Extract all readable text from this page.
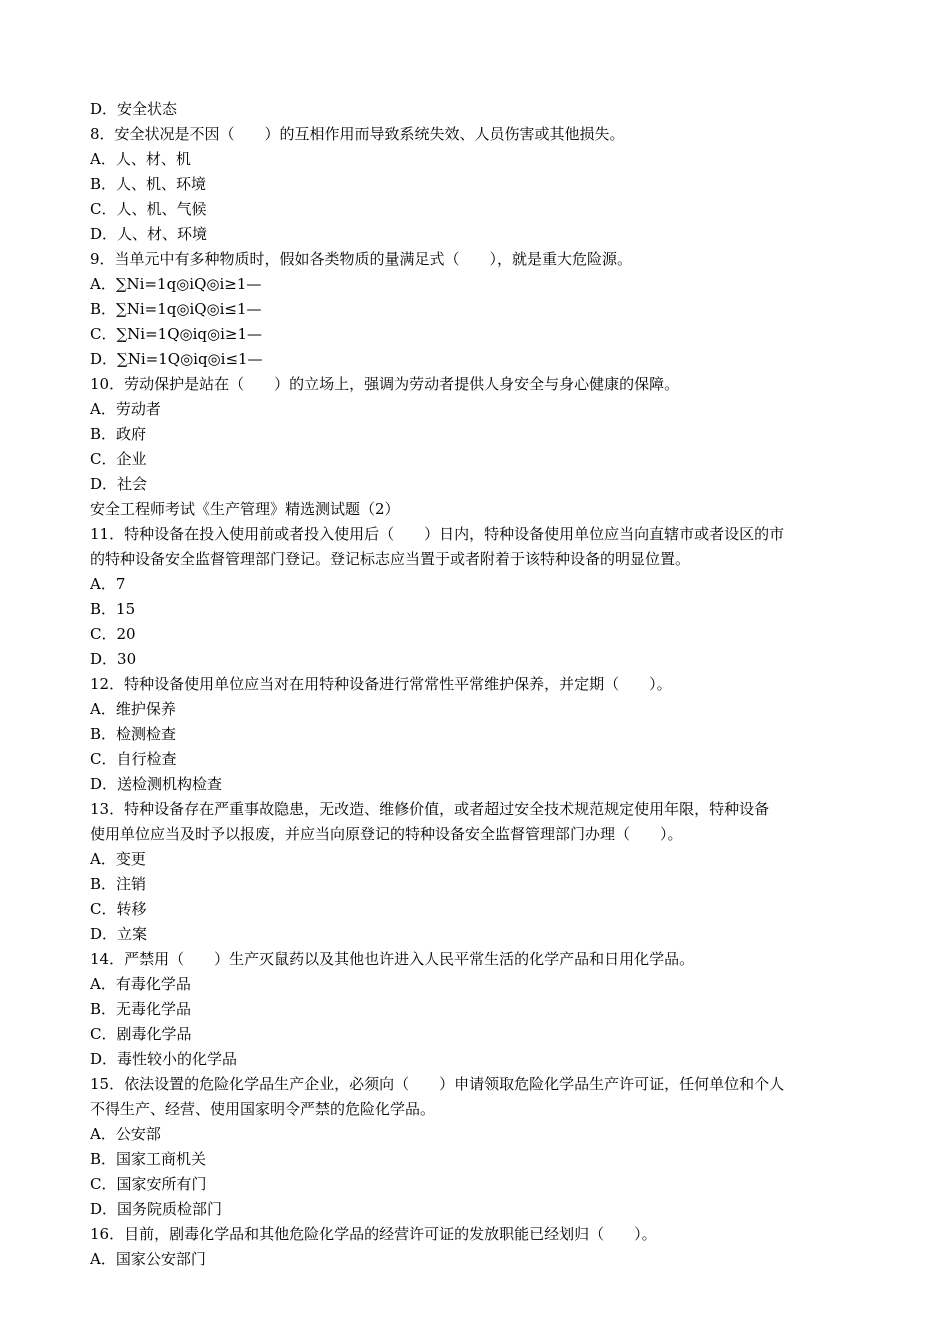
D．安全状态
8．安全状况是不因（　　）的互相作用而导致系统失效、人员伤害或其他损失。
A．人、材、机
B．人、机、环境
C．人、机、气候
D．人、材、环境
9．当单元中有多种物质时，假如各类物质的量满足式（　　），就是重大危险源。
A．∑Ni=1q◎iQ◎i≥1—
B．∑Ni=1q◎iQ◎i≤1—
C．∑Ni=1Q◎iq◎i≥1—
D．∑Ni=1Q◎iq◎i≤1—
10．劳动保护是站在（　　）的立场上，强调为劳动者提供人身安全与身心健康的保障。
A．劳动者
B．政府
C．企业
D．社会
安全工程师考试《生产管理》精选测试题（2）
11．特种设备在投入使用前或者投入使用后（　　）日内，特种设备使用单位应当向直辖市或者设区的市
的特种设备安全监督管理部门登记。登记标志应当置于或者附着于该特种设备的明显位置。
A．7
B．15
C．20
D．30
12．特种设备使用单位应当对在用特种设备进行常常性平常维护保养，并定期（　　）。
A．维护保养
B．检测检查
C．自行检查
D．送检测机构检查
13．特种设备存在严重事故隐患，无改造、维修价值，或者超过安全技术规范规定使用年限，特种设备
使用单位应当及时予以报废，并应当向原登记的特种设备安全监督管理部门办理（　　）。
A．变更
B．注销
C．转移
D．立案
14．严禁用（　　）生产灭鼠药以及其他也许进入人民平常生活的化学产品和日用化学品。
A．有毒化学品
B．无毒化学品
C．剧毒化学品
D．毒性较小的化学品
15．依法设置的危险化学品生产企业，必须向（　　）申请领取危险化学品生产许可证，任何单位和个人
不得生产、经营、使用国家明令严禁的危险化学品。
A．公安部
B．国家工商机关
C．国家安所有门
D．国务院质检部门
16．目前，剧毒化学品和其他危险化学品的经营许可证的发放职能已经划归（　　）。
A．国家公安部门
